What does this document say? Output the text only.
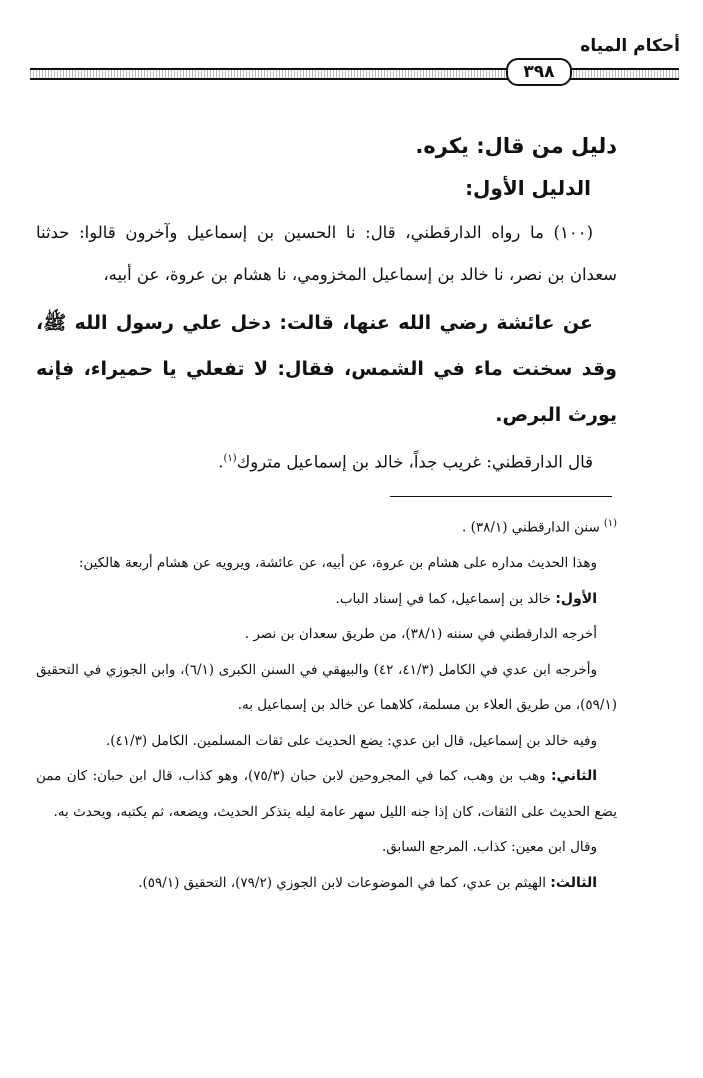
أحكام المياه
٣٩٨

دليل من قال: يكره.

الدليل الأول:

(١٠٠) ما رواه الدارقطني، قال: نا الحسين بن إسماعيل وآخرون قالوا: حدثنا سعدان بن نصر، نا خالد بن إسماعيل المخزومي، نا هشام بن عروة، عن أبيه،

عن عائشة رضي الله عنها، قالت: دخل علي رسول الله ﷺ، وقد سخنت ماء في الشمس، فقال: لا تفعلي يا حميراء، فإنه يورث البرص.

قال الدارقطني: غريب جداً، خالد بن إسماعيل متروك$^{(١)}$.

$^{(١)}$سنن الدارقطني (٣٨/١) .

وهذا الحديث مداره على هشام بن عروة، عن أبيه، عن عائشة، ويرويه عن هشام أربعة هالكين:

الأول: خالد بن إسماعيل، كما في إسناد الباب.

أخرجه الدارقطني في سننه (٣٨/١)، من طريق سعدان بن نصر .

وأخرجه ابن عدي في الكامل (٤١/٣، ٤٢) والبيهقي في السنن الكبرى (٦/١)، وابن الجوزي في التحقيق (٥٩/١)، من طريق العلاء بن مسلمة، كلاهما عن خالد بن إسماعيل به.

وفيه خالد بن إسماعيل، قال ابن عدي: يضع الحديث على ثقات المسلمين. الكامل (٤١/٣).

الثاني: وهب بن وهب، كما في المجروحين لابن حبان (٧٥/٣)، وهو كذاب، قال ابن حبان: كان ممن يضع الحديث على الثقات، كان إذا جنه الليل سهر عامة ليله يتذكر الحديث، ويضعه، ثم يكتبه، ويحدث به.

وقال ابن معين: كذاب. المرجع السابق.

الثالث: الهيثم بن عدي، كما في الموضوعات لابن الجوزي (٧٩/٢)، التحقيق (٥٩/١).
